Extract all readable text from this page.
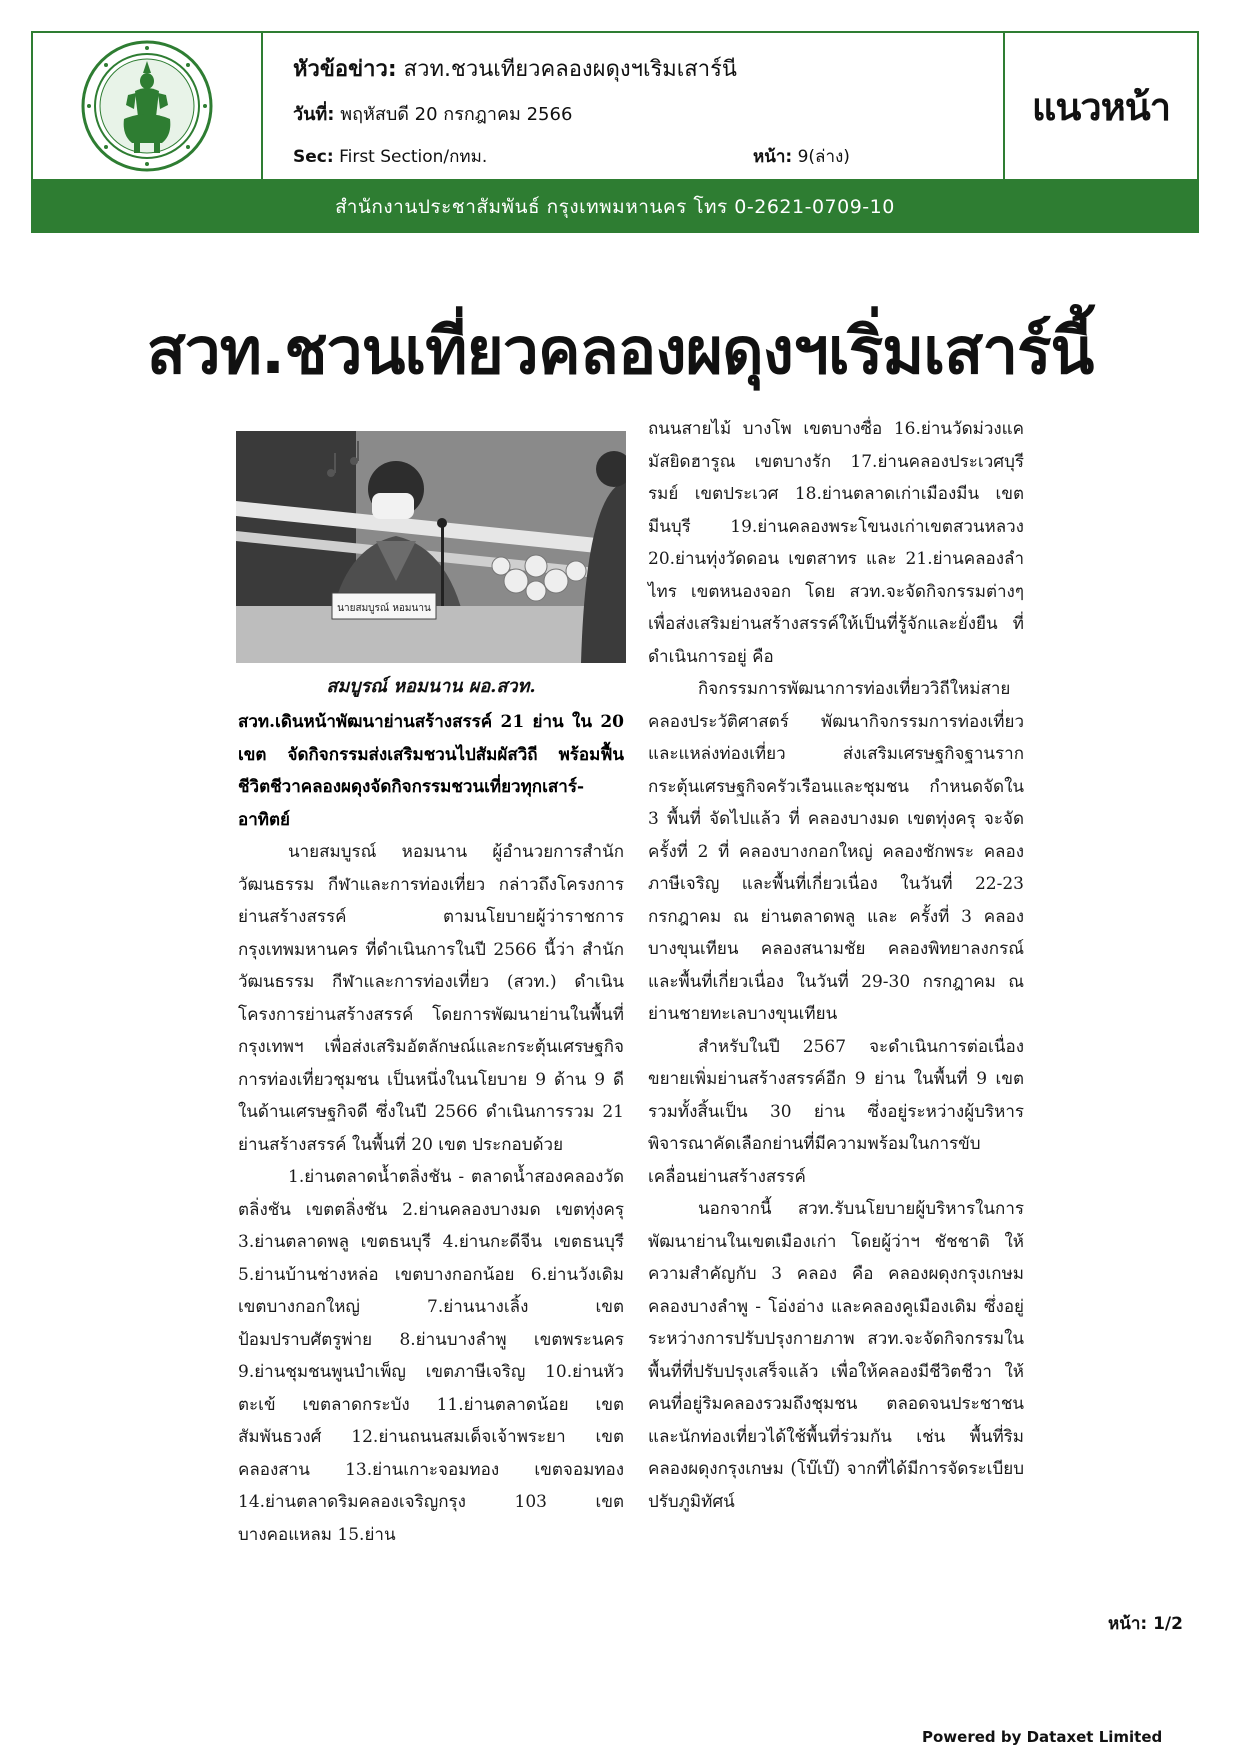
หัวข้อข่าว: สวท.ชวนเทียวคลองผดุงฯเริมเสาร์นี
วันที่: พฤหัสบดี 20 กรกฎาคม 2566
Sec: First Section/กทม.	หน้า: 9(ล่าง)
แนวหน้า
สำนักงานประชาสัมพันธ์ กรุงเทพมหานคร โทร 0-2621-0709-10
สวท.ชวนเที่ยวคลองผดุงฯเริ่มเสาร์นี้
นายสมบูรณ์ หอมนาน
สมบูรณ์ หอมนาน ผอ.สวท.

สวท.เดินหน้าพัฒนาย่านสร้างสรรค์ 21 ย่าน ใน 20 เขต จัดกิจกรรมส่งเสริมชวนไปสัมผัสวิถี พร้อมฟื้นชีวิตชีวาคลองผดุงจัดกิจกรรมชวนเที่ยวทุกเสาร์-อาทิตย์

นายสมบูรณ์ หอมนาน ผู้อำนวยการสำนักวัฒนธรรม กีฬาและการท่องเที่ยว กล่าวถึงโครงการย่านสร้างสรรค์ ตามนโยบายผู้ว่าราชการกรุงเทพมหานคร ที่ดำเนินการในปี 2566 นี้ว่า สำนักวัฒนธรรม กีฬาและการท่องเที่ยว (สวท.) ดำเนินโครงการย่านสร้างสรรค์ โดยการพัฒนาย่านในพื้นที่กรุงเทพฯ เพื่อส่งเสริมอัตลักษณ์และกระตุ้นเศรษฐกิจการท่องเที่ยวชุมชน เป็นหนึ่งในนโยบาย 9 ด้าน 9 ดี ในด้านเศรษฐกิจดี ซึ่งในปี 2566 ดำเนินการรวม 21 ย่านสร้างสรรค์ ในพื้นที่ 20 เขต ประกอบด้วย

1.ย่านตลาดน้ำตลิ่งชัน - ตลาดน้ำสองคลองวัดตลิ่งชัน เขตตลิ่งชัน 2.ย่านคลองบางมด เขตทุ่งครุ 3.ย่านตลาดพลู เขตธนบุรี 4.ย่านกะดีจีน เขตธนบุรี 5.ย่านบ้านช่างหล่อ เขตบางกอกน้อย 6.ย่านวังเดิม เขตบางกอกใหญ่ 7.ย่านนางเลิ้ง เขตป้อมปราบศัตรูพ่าย 8.ย่านบางลำพู เขตพระนคร 9.ย่านชุมชนพูนบำเพ็ญ เขตภาษีเจริญ 10.ย่านหัวตะเข้ เขตลาดกระบัง 11.ย่านตลาดน้อย เขตสัมพันธวงศ์ 12.ย่านถนนสมเด็จเจ้าพระยา เขตคลองสาน 13.ย่านเกาะจอมทอง เขตจอมทอง 14.ย่านตลาดริมคลองเจริญกรุง 103 เขตบางคอแหลม 15.ย่าน

ถนนสายไม้ บางโพ เขตบางซื่อ 16.ย่านวัดม่วงแค มัสยิดฮารูณ เขตบางรัก 17.ย่านคลองประเวศบุรีรมย์ เขตประเวศ 18.ย่านตลาดเก่าเมืองมีน เขตมีนบุรี 19.ย่านคลองพระโขนงเก่าเขตสวนหลวง 20.ย่านทุ่งวัดดอน เขตสาทร และ 21.ย่านคลองลำไทร เขตหนองจอก โดย สวท.จะจัดกิจกรรมต่างๆ เพื่อส่งเสริมย่านสร้างสรรค์ให้เป็นที่รู้จักและยั่งยืน ที่ดำเนินการอยู่ คือ

กิจกรรมการพัฒนาการท่องเที่ยววิถีใหม่สายคลองประวัติศาสตร์ พัฒนากิจกรรมการท่องเที่ยวและแหล่งท่องเที่ยว ส่งเสริมเศรษฐกิจฐานราก กระตุ้นเศรษฐกิจครัวเรือนและชุมชน กำหนดจัดใน 3 พื้นที่ จัดไปแล้ว ที่ คลองบางมด เขตทุ่งครุ จะจัดครั้งที่ 2 ที่ คลองบางกอกใหญ่ คลองชักพระ คลองภาษีเจริญ และพื้นที่เกี่ยวเนื่อง ในวันที่ 22-23 กรกฎาคม ณ ย่านตลาดพลู และ ครั้งที่ 3 คลองบางขุนเทียน คลองสนามชัย คลองพิทยาลงกรณ์ และพื้นที่เกี่ยวเนื่อง ในวันที่ 29-30 กรกฎาคม ณ ย่านชายทะเลบางขุนเทียน

สำหรับในปี 2567 จะดำเนินการต่อเนื่องขยายเพิ่มย่านสร้างสรรค์อีก 9 ย่าน ในพื้นที่ 9 เขต รวมทั้งสิ้นเป็น 30 ย่าน ซึ่งอยู่ระหว่างผู้บริหารพิจารณาคัดเลือกย่านที่มีความพร้อมในการขับเคลื่อนย่านสร้างสรรค์

นอกจากนี้ สวท.รับนโยบายผู้บริหารในการพัฒนาย่านในเขตเมืองเก่า โดยผู้ว่าฯ ชัชชาติ ให้ความสำคัญกับ 3 คลอง คือ คลองผดุงกรุงเกษม คลองบางลำพู - โอ่งอ่าง และคลองคูเมืองเดิม ซึ่งอยู่ระหว่างการปรับปรุงกายภาพ สวท.จะจัดกิจกรรมในพื้นที่ที่ปรับปรุงเสร็จแล้ว เพื่อให้คลองมีชีวิตชีวา ให้คนที่อยู่ริมคลองรวมถึงชุมชน ตลอดจนประชาชนและนักท่องเที่ยวได้ใช้พื้นที่ร่วมกัน เช่น พื้นที่ริมคลองผดุงกรุงเกษม (โบ๊เบ๊) จากที่ได้มีการจัดระเบียบปรับภูมิทัศน์

หน้า: 1/2
Powered by Dataxet Limited
